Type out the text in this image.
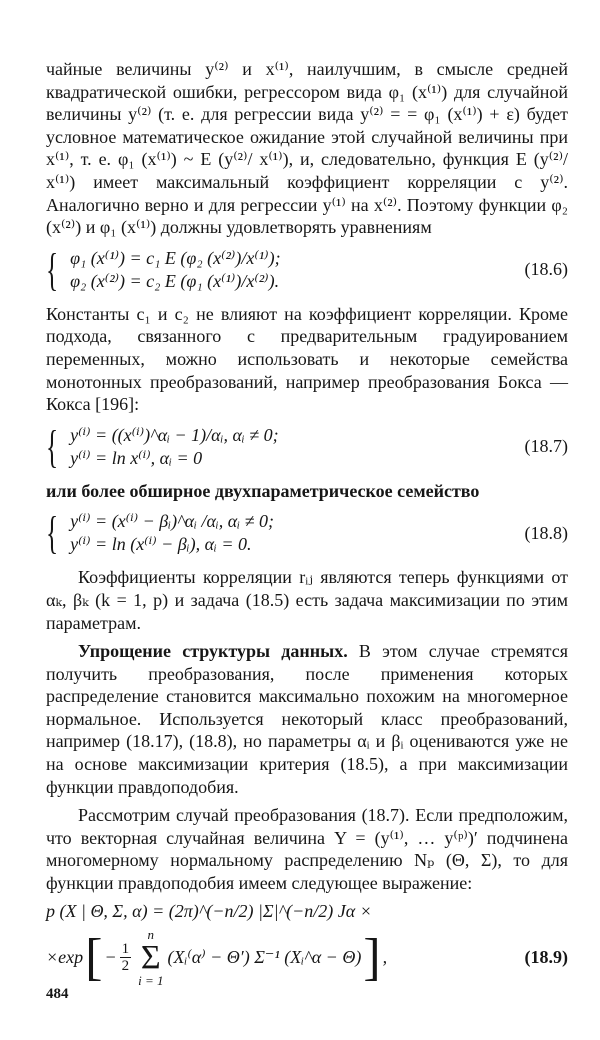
чайные величины y⁽²⁾ и x⁽¹⁾, наилучшим, в смысле средней квадратической ошибки, регрессором вида φ₁ (x⁽¹⁾) для случайной величины y⁽²⁾ (т. е. для регрессии вида y⁽²⁾ = = φ₁ (x⁽¹⁾) + ε) будет условное математическое ожидание этой случайной величины при x⁽¹⁾, т. е. φ₁ (x⁽¹⁾) ~ E (y⁽²⁾/ x⁽¹⁾), и, следовательно, функция E (y⁽²⁾/ x⁽¹⁾) имеет максимальный коэффициент корреляции с y⁽²⁾. Аналогично верно и для регрессии y⁽¹⁾ на x⁽²⁾. Поэтому функции φ₂ (x⁽²⁾) и φ₁ (x⁽¹⁾) должны удовлетворять уравнениям

{ φ₁ (x⁽¹⁾) = c₁ E (φ₂ (x⁽²⁾)/x⁽¹⁾);
φ₂ (x⁽²⁾) = c₂ E (φ₁ (x⁽¹⁾)/x⁽²⁾).
(18.6)

Константы c₁ и c₂ не влияют на коэффициент корреляции. Кроме подхода, связанного с предварительным градуированием переменных, можно использовать и некоторые семейства монотонных преобразований, например преобразования Бокса — Кокса [196]:

{ y⁽ⁱ⁾ = ((x⁽ⁱ⁾)^αᵢ − 1)/αᵢ, αᵢ ≠ 0;
y⁽ⁱ⁾ = ln x⁽ⁱ⁾, αᵢ = 0
(18.7)

или более обширное двухпараметрическое семейство

{ y⁽ⁱ⁾ = (x⁽ⁱ⁾ − βᵢ)^αᵢ /αᵢ, αᵢ ≠ 0;
y⁽ⁱ⁾ = ln (x⁽ⁱ⁾ − βᵢ), αᵢ = 0.
(18.8)

Коэффициенты корреляции rᵢⱼ являются теперь функциями от αₖ, βₖ (k = 1, p) и задача (18.5) есть задача максимизации по этим параметрам.

Упрощение структуры данных. В этом случае стремятся получить преобразования, после применения которых распределение становится максимально похожим на многомерное нормальное. Используется некоторый класс преобразований, например (18.17), (18.8), но параметры αᵢ и βᵢ оцениваются уже не на основе максимизации критерия (18.5), а при максимизации функции правдоподобия.

Рассмотрим случай преобразования (18.7). Если предположим, что векторная случайная величина Y = (y⁽¹⁾, … y⁽ᵖ⁾)′ подчинена многомерному нормальному распределению Nₚ (Θ, Σ), то для функции правдоподобия имеем следующее выражение:

p (X | Θ, Σ, α) = (2π)^(−n/2) |Σ|^(−n/2) Jα ×
×exp [ − $\frac{1}{2}$
n
Σ
i = 1
(Xᵢ⁽α⁾ − Θ′) Σ⁻¹ (Xᵢ^α − Θ) ] ,	(18.9)
484
